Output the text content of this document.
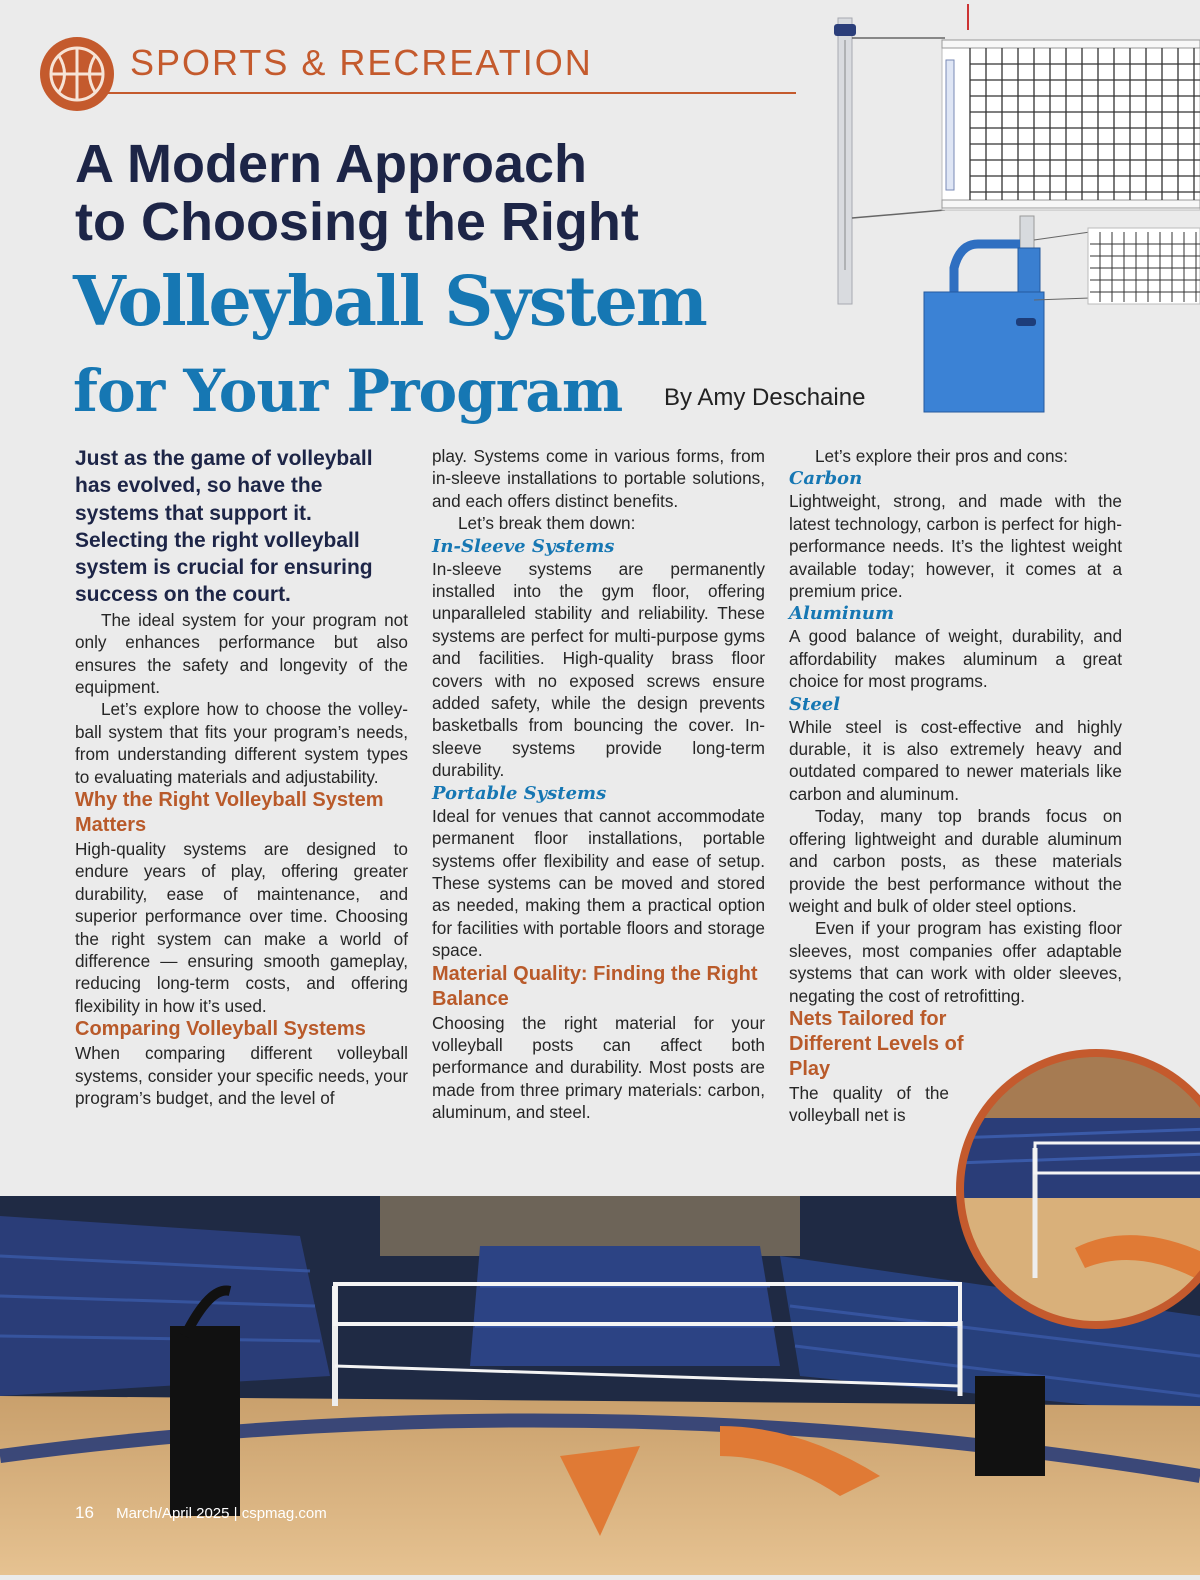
SPORTS & RECREATION
A Modern Approach
to Choosing the Right
Volleyball System
for Your Program By Amy Deschaine

Just as the game of volleyball has evolved, so have the systems that support it. Selecting the right volleyball system is crucial for ensuring success on the court.

The ideal system for your program not only enhances performance but also ensures the safety and longevity of the equipment.

Let’s explore how to choose the volley-ball system that fits your program’s needs, from understanding different system types to evaluating materials and adjustability.

Why the Right Volleyball System Matters

High-quality systems are designed to endure years of play, offering greater durability, ease of maintenance, and superior performance over time. Choosing the right system can make a world of difference — ensuring smooth gameplay, reducing long-term costs, and offering flexibility in how it’s used.

Comparing Volleyball Systems

When comparing different volleyball systems, consider your specific needs, your program’s budget, and the level of

play. Systems come in various forms, from in-sleeve installations to portable solutions, and each offers distinct benefits.

Let’s break them down:

In-Sleeve Systems

In-sleeve systems are permanently installed into the gym floor, offering unparalleled stability and reliability. These systems are perfect for multi-purpose gyms and facilities. High-quality brass floor covers with no exposed screws ensure added safety, while the design prevents basketballs from bouncing the cover. In-sleeve systems provide long-term durability.

Portable Systems

Ideal for venues that cannot accommodate permanent floor installations, portable systems offer flexibility and ease of setup. These systems can be moved and stored as needed, making them a practical option for facilities with portable floors and storage space.

Material Quality: Finding the Right Balance

Choosing the right material for your volleyball posts can affect both performance and durability. Most posts are made from three primary materials: carbon, aluminum, and steel.

Let’s explore their pros and cons:

Carbon

Lightweight, strong, and made with the latest technology, carbon is perfect for high-performance needs. It’s the lightest weight available today; however, it comes at a premium price.

Aluminum

A good balance of weight, durability, and affordability makes aluminum a great choice for most programs.

Steel

While steel is cost-effective and highly durable, it is also extremely heavy and outdated compared to newer materials like carbon and aluminum.

Today, many top brands focus on offering lightweight and durable aluminum and carbon posts, as these materials provide the best performance without the weight and bulk of older steel options.

Even if your program has existing floor sleeves, most companies offer adaptable systems that can work with older sleeves, negating the cost of retrofitting.

Nets Tailored for Different Levels of Play

The quality of the volleyball net is

16 March/April 2025 | cspmag.com
